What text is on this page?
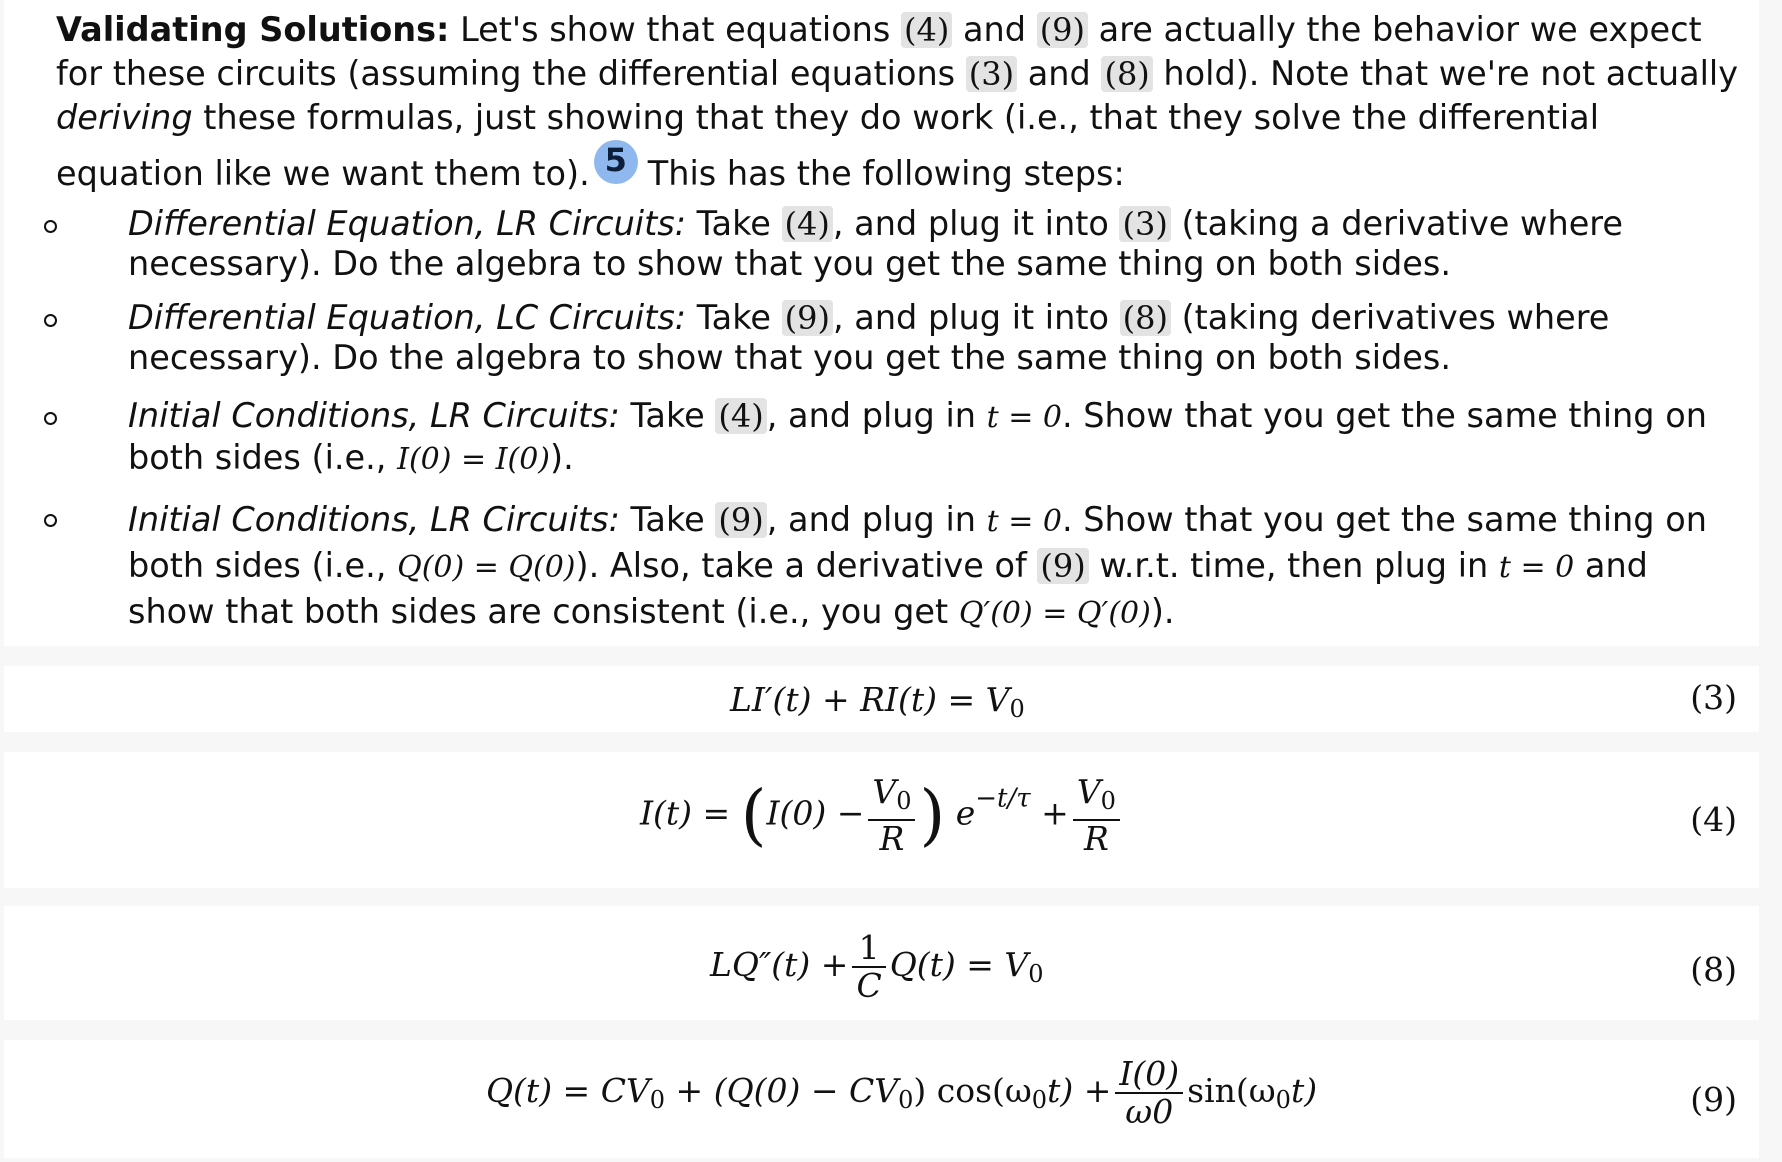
Validating Solutions: Let's show that equations (4) and (9) are actually the behavior we expect for these circuits (assuming the differential equations (3) and (8) hold). Note that we're not actually deriving these formulas, just showing that they do work (i.e., that they solve the differential equation like we want them to). 5 This has the following steps:

Differential Equation, LR Circuits: Take (4), and plug it into (3) (taking a derivative where necessary). Do the algebra to show that you get the same thing on both sides.
Differential Equation, LC Circuits: Take (9), and plug it into (8) (taking derivatives where necessary). Do the algebra to show that you get the same thing on both sides.
Initial Conditions, LR Circuits: Take (4), and plug in t = 0. Show that you get the same thing on both sides (i.e., I(0) = I(0)).
Initial Conditions, LR Circuits: Take (9), and plug in t = 0. Show that you get the same thing on both sides (i.e., Q(0) = Q(0)). Also, take a derivative of (9) w.r.t. time, then plug in t = 0 and show that both sides are consistent (i.e., you get Q′(0) = Q′(0)).
$LI'(t) + RI(t) = V_0$	(3)
$I(t) = (I(0) - \frac{V_0}{R}$ ) $e^{-t/\tau} + \frac{V_0}{R}$	(4)
$LQ''(t) + \frac{1}{C} Q(t) = V_0$	(8)
$Q(t) = CV_0 + (Q(0) - CV_0) \cos(\omega_0t) + \frac{I(0)}{\omega 0} \sin(\omega_0t)$	(9)
